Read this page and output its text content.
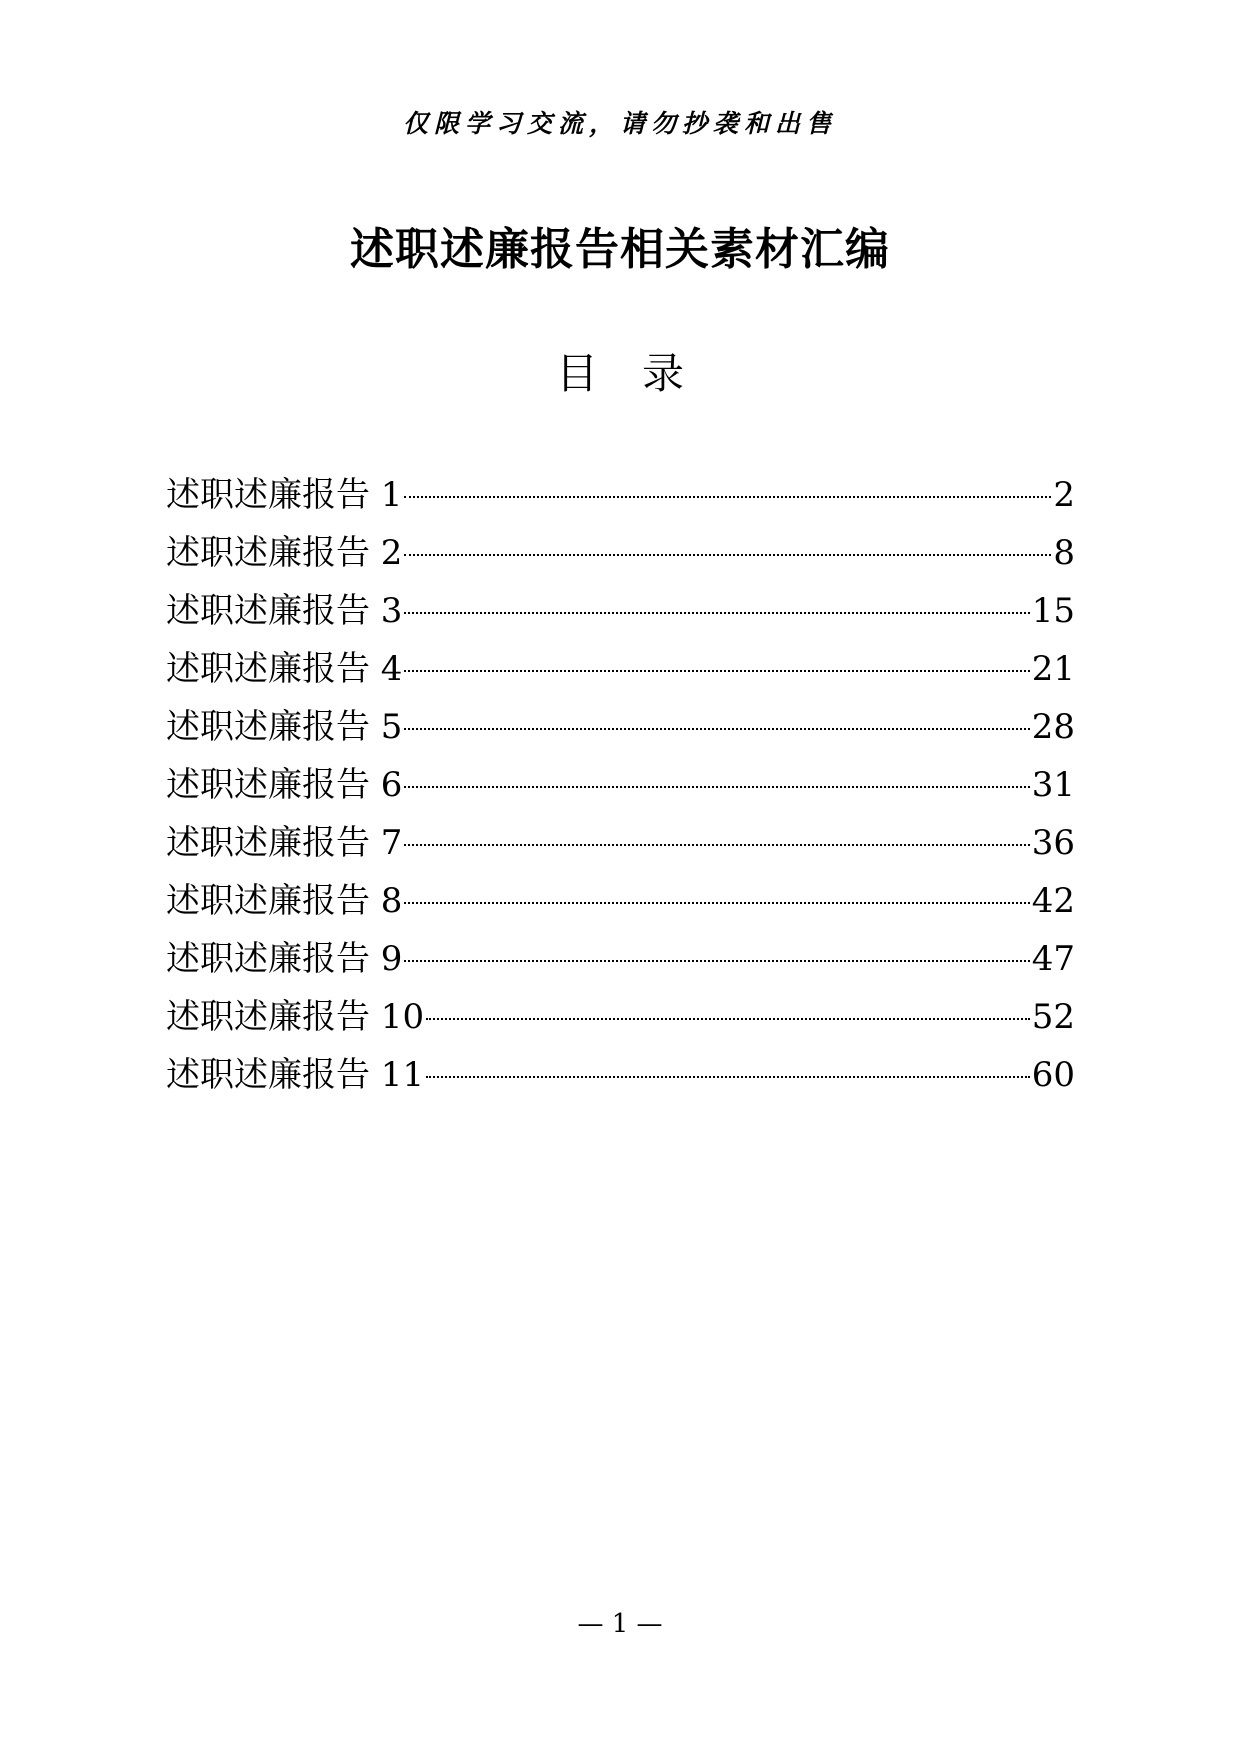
仅限学习交流，请勿抄袭和出售
述职述廉报告相关素材汇编
目录
述职述廉报告 1	2
述职述廉报告 2	8
述职述廉报告 3	15
述职述廉报告 4	21
述职述廉报告 5	28
述职述廉报告 6	31
述职述廉报告 7	36
述职述廉报告 8	42
述职述廉报告 9	47
述职述廉报告 10	52
述职述廉报告 11	60
— 1 —
